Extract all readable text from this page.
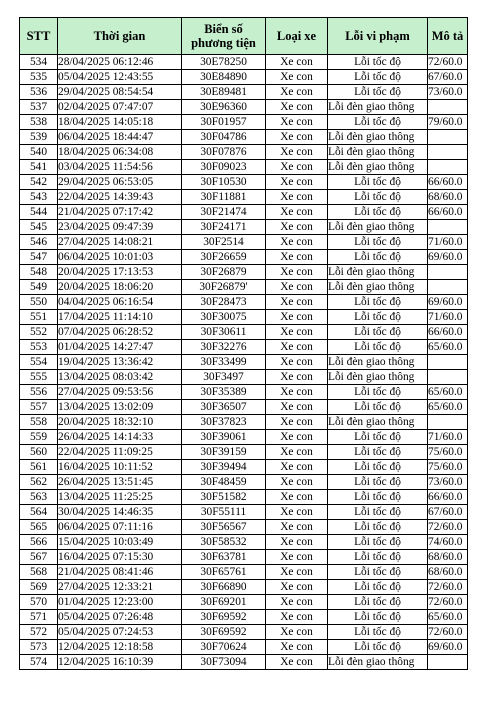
STT	Thời gian	Biển số phương tiện	Loại xe	Lỗi vi phạm	Mô tả
534	28/04/2025 06:12:46	30E78250	Xe con	Lỗi tốc độ	72/60.0
535	05/04/2025 12:43:55	30E84890	Xe con	Lỗi tốc độ	67/60.0
536	29/04/2025 08:54:54	30E89481	Xe con	Lỗi tốc độ	73/60.0
537	02/04/2025 07:47:07	30E96360	Xe con	Lỗi đèn giao thông	
538	18/04/2025 14:05:18	30F01957	Xe con	Lỗi tốc độ	79/60.0
539	06/04/2025 18:44:47	30F04786	Xe con	Lỗi đèn giao thông	
540	18/04/2025 06:34:08	30F07876	Xe con	Lỗi đèn giao thông	
541	03/04/2025 11:54:56	30F09023	Xe con	Lỗi đèn giao thông	
542	29/04/2025 06:53:05	30F10530	Xe con	Lỗi tốc độ	66/60.0
543	22/04/2025 14:39:43	30F11881	Xe con	Lỗi tốc độ	68/60.0
544	21/04/2025 07:17:42	30F21474	Xe con	Lỗi tốc độ	66/60.0
545	23/04/2025 09:47:39	30F24171	Xe con	Lỗi đèn giao thông	
546	27/04/2025 14:08:21	30F2514	Xe con	Lỗi tốc độ	71/60.0
547	06/04/2025 10:01:03	30F26659	Xe con	Lỗi tốc độ	69/60.0
548	20/04/2025 17:13:53	30F26879	Xe con	Lỗi đèn giao thông	
549	20/04/2025 18:06:20	30F26879'	Xe con	Lỗi đèn giao thông	
550	04/04/2025 06:16:54	30F28473	Xe con	Lỗi tốc độ	69/60.0
551	17/04/2025 11:14:10	30F30075	Xe con	Lỗi tốc độ	71/60.0
552	07/04/2025 06:28:52	30F30611	Xe con	Lỗi tốc độ	66/60.0
553	01/04/2025 14:27:47	30F32276	Xe con	Lỗi tốc độ	65/60.0
554	19/04/2025 13:36:42	30F33499	Xe con	Lỗi đèn giao thông	
555	13/04/2025 08:03:42	30F3497	Xe con	Lỗi đèn giao thông	
556	27/04/2025 09:53:56	30F35389	Xe con	Lỗi tốc độ	65/60.0
557	13/04/2025 13:02:09	30F36507	Xe con	Lỗi tốc độ	65/60.0
558	20/04/2025 18:32:10	30F37823	Xe con	Lỗi đèn giao thông	
559	26/04/2025 14:14:33	30F39061	Xe con	Lỗi tốc độ	71/60.0
560	22/04/2025 11:09:25	30F39159	Xe con	Lỗi tốc độ	75/60.0
561	16/04/2025 10:11:52	30F39494	Xe con	Lỗi tốc độ	75/60.0
562	26/04/2025 13:51:45	30F48459	Xe con	Lỗi tốc độ	73/60.0
563	13/04/2025 11:25:25	30F51582	Xe con	Lỗi tốc độ	66/60.0
564	30/04/2025 14:46:35	30F55111	Xe con	Lỗi tốc độ	67/60.0
565	06/04/2025 07:11:16	30F56567	Xe con	Lỗi tốc độ	72/60.0
566	15/04/2025 10:03:49	30F58532	Xe con	Lỗi tốc độ	74/60.0
567	16/04/2025 07:15:30	30F63781	Xe con	Lỗi tốc độ	68/60.0
568	21/04/2025 08:41:46	30F65761	Xe con	Lỗi tốc độ	68/60.0
569	27/04/2025 12:33:21	30F66890	Xe con	Lỗi tốc độ	72/60.0
570	01/04/2025 12:23:00	30F69201	Xe con	Lỗi tốc độ	72/60.0
571	05/04/2025 07:26:48	30F69592	Xe con	Lỗi tốc độ	65/60.0
572	05/04/2025 07:24:53	30F69592	Xe con	Lỗi tốc độ	72/60.0
573	12/04/2025 12:18:58	30F70624	Xe con	Lỗi tốc độ	69/60.0
574	12/04/2025 16:10:39	30F73094	Xe con	Lỗi đèn giao thông	
